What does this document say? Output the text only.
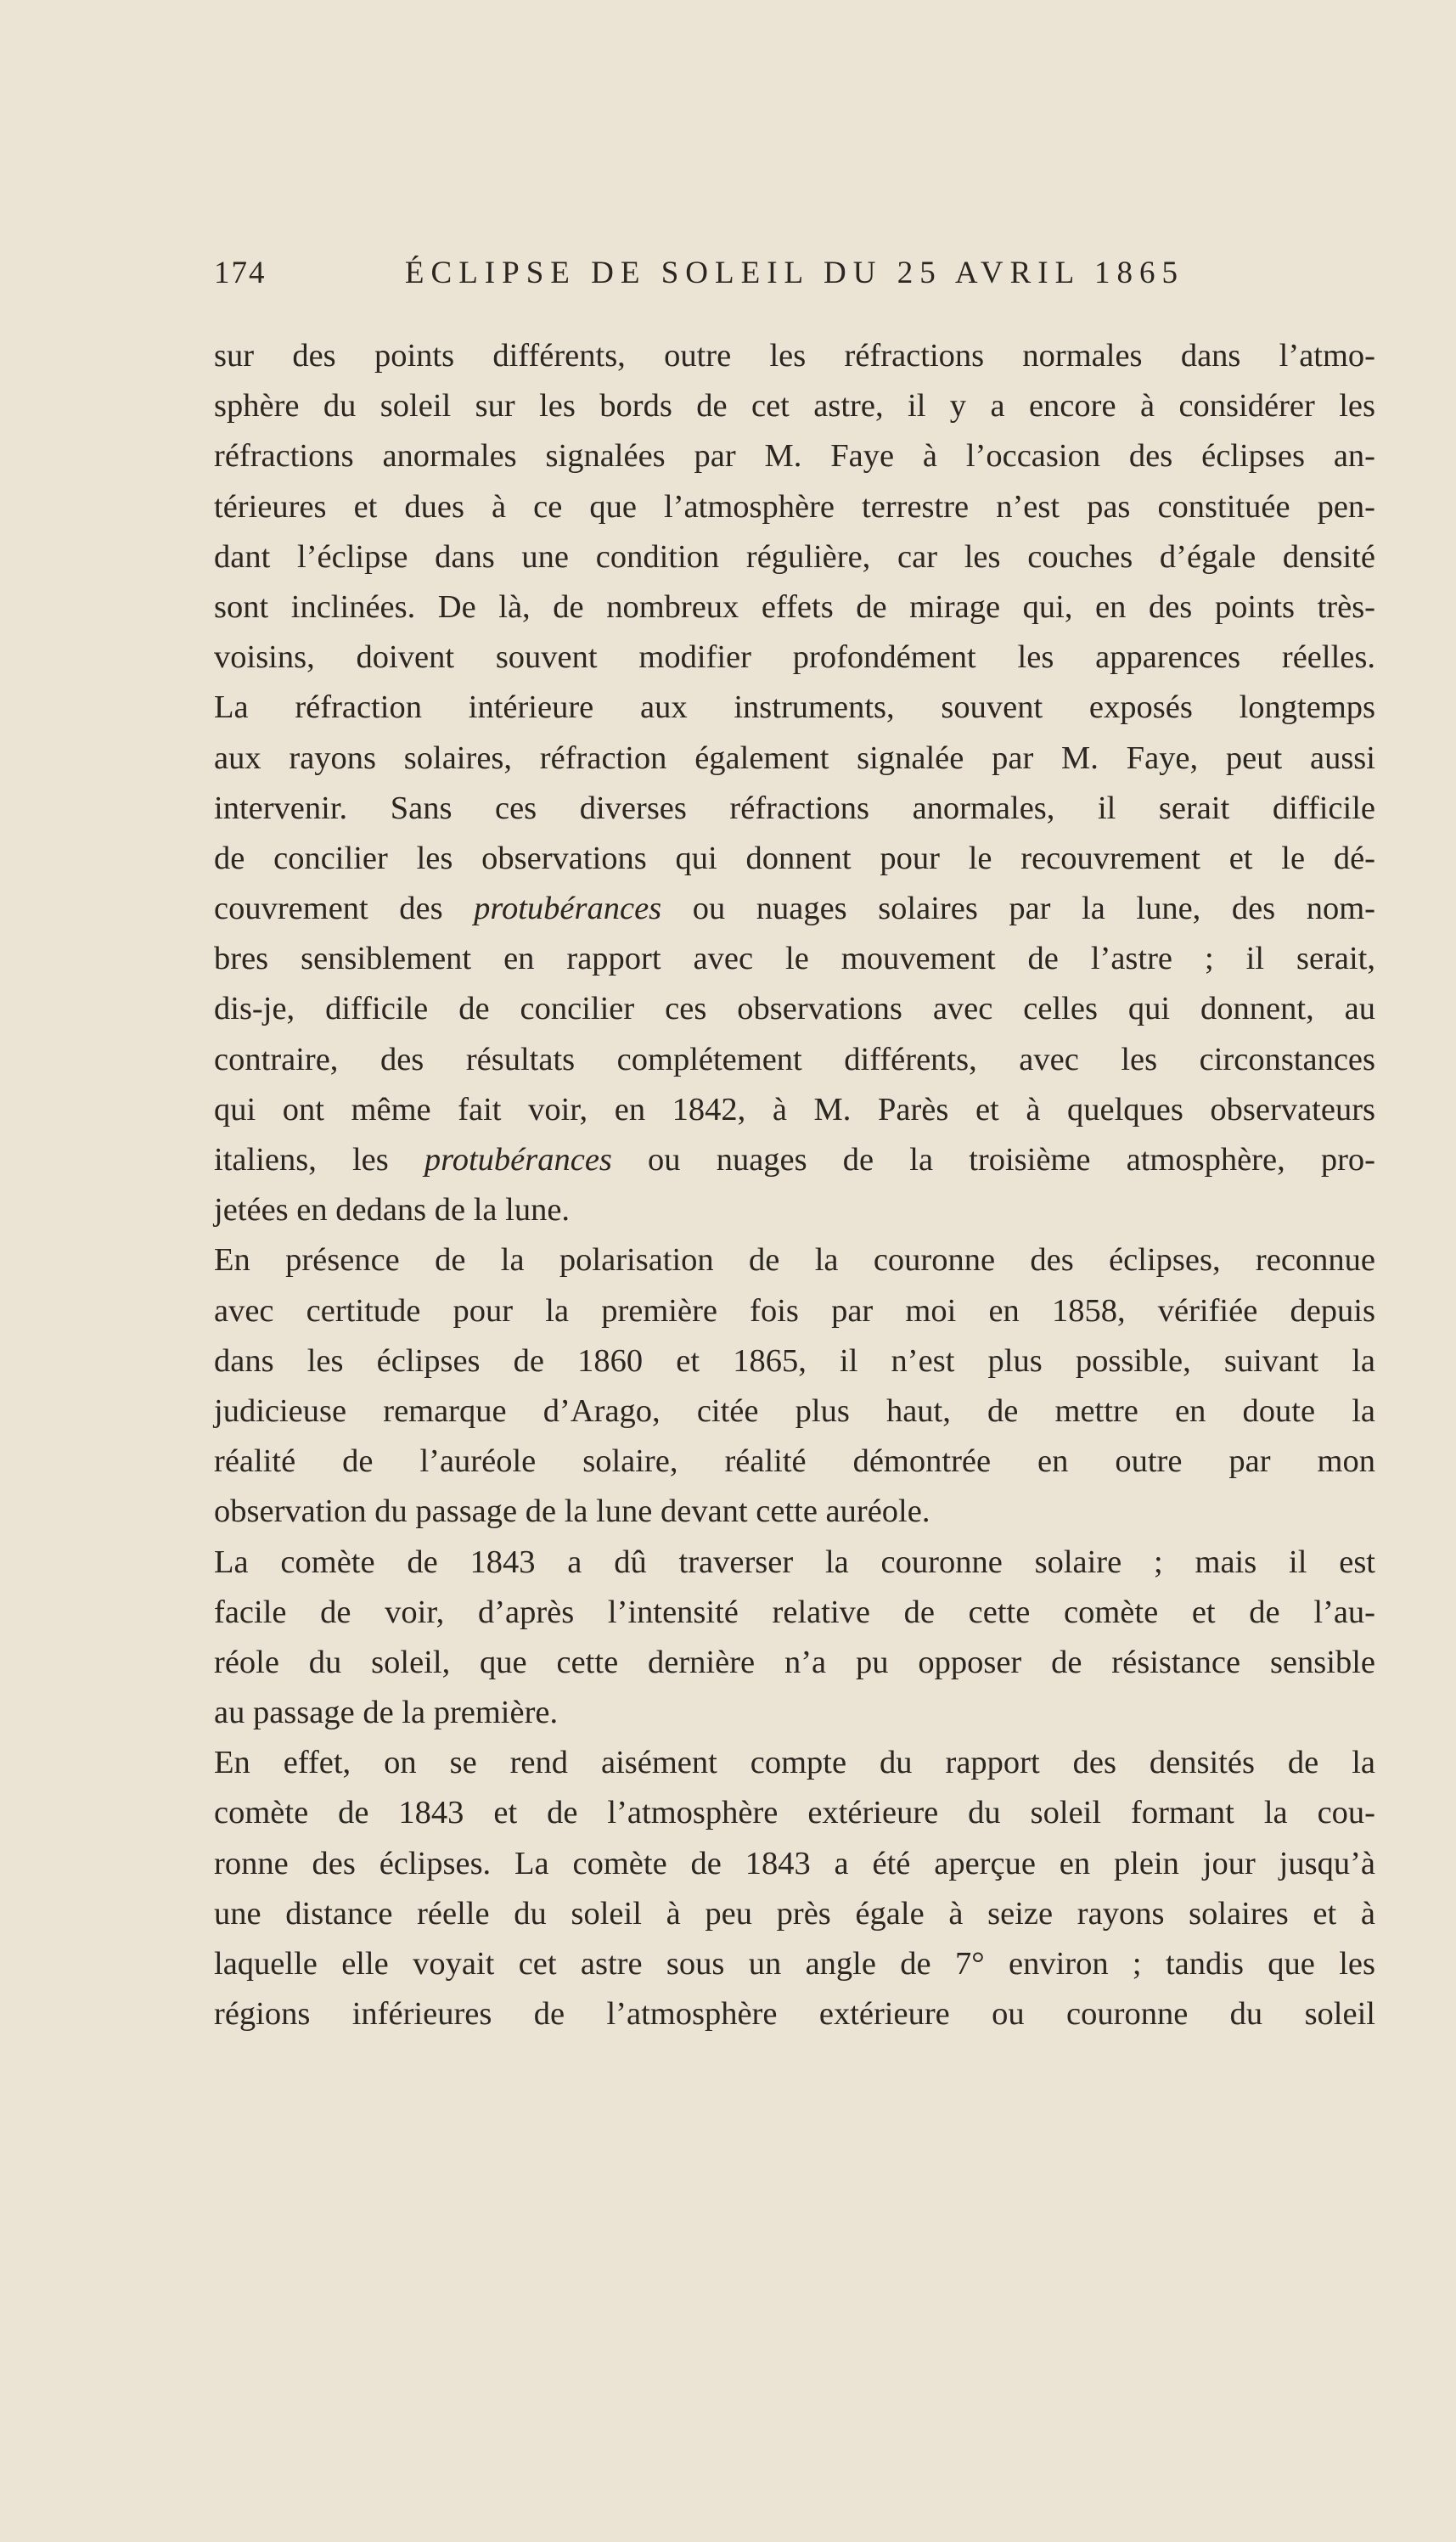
174	ÉCLIPSE DE SOLEIL DU 25 AVRIL 1865
sur des points différents, outre les réfractions normales dans l’atmo-
sphère du soleil sur les bords de cet astre, il y a encore à considérer les
réfractions anormales signalées par M. Faye à l’occasion des éclipses an-
térieures et dues à ce que l’atmosphère terrestre n’est pas constituée pen-
dant l’éclipse dans une condition régulière, car les couches d’égale densité
sont inclinées. De là, de nombreux effets de mirage qui, en des points très-
voisins, doivent souvent modifier profondément les apparences réelles.
La réfraction intérieure aux instruments, souvent exposés longtemps
aux rayons solaires, réfraction également signalée par M. Faye, peut aussi
intervenir. Sans ces diverses réfractions anormales, il serait difficile
de concilier les observations qui donnent pour le recouvrement et le dé-
couvrement des protubérances ou nuages solaires par la lune, des nom-
bres sensiblement en rapport avec le mouvement de l’astre ; il serait,
dis-je, difficile de concilier ces observations avec celles qui donnent, au
contraire, des résultats complétement différents, avec les circonstances
qui ont même fait voir, en 1842, à M. Parès et à quelques observateurs
italiens, les protubérances ou nuages de la troisième atmosphère, pro-
jetées en dedans de la lune.
En présence de la polarisation de la couronne des éclipses, reconnue
avec certitude pour la première fois par moi en 1858, vérifiée depuis
dans les éclipses de 1860 et 1865, il n’est plus possible, suivant la
judicieuse remarque d’Arago, citée plus haut, de mettre en doute la
réalité de l’auréole solaire, réalité démontrée en outre par mon
observation du passage de la lune devant cette auréole.
La comète de 1843 a dû traverser la couronne solaire ; mais il est
facile de voir, d’après l’intensité relative de cette comète et de l’au-
réole du soleil, que cette dernière n’a pu opposer de résistance sensible
au passage de la première.
En effet, on se rend aisément compte du rapport des densités de la
comète de 1843 et de l’atmosphère extérieure du soleil formant la cou-
ronne des éclipses. La comète de 1843 a été aperçue en plein jour jusqu’à
une distance réelle du soleil à peu près égale à seize rayons solaires et à
laquelle elle voyait cet astre sous un angle de 7° environ ; tandis que les
régions inférieures de l’atmosphère extérieure ou couronne du soleil
